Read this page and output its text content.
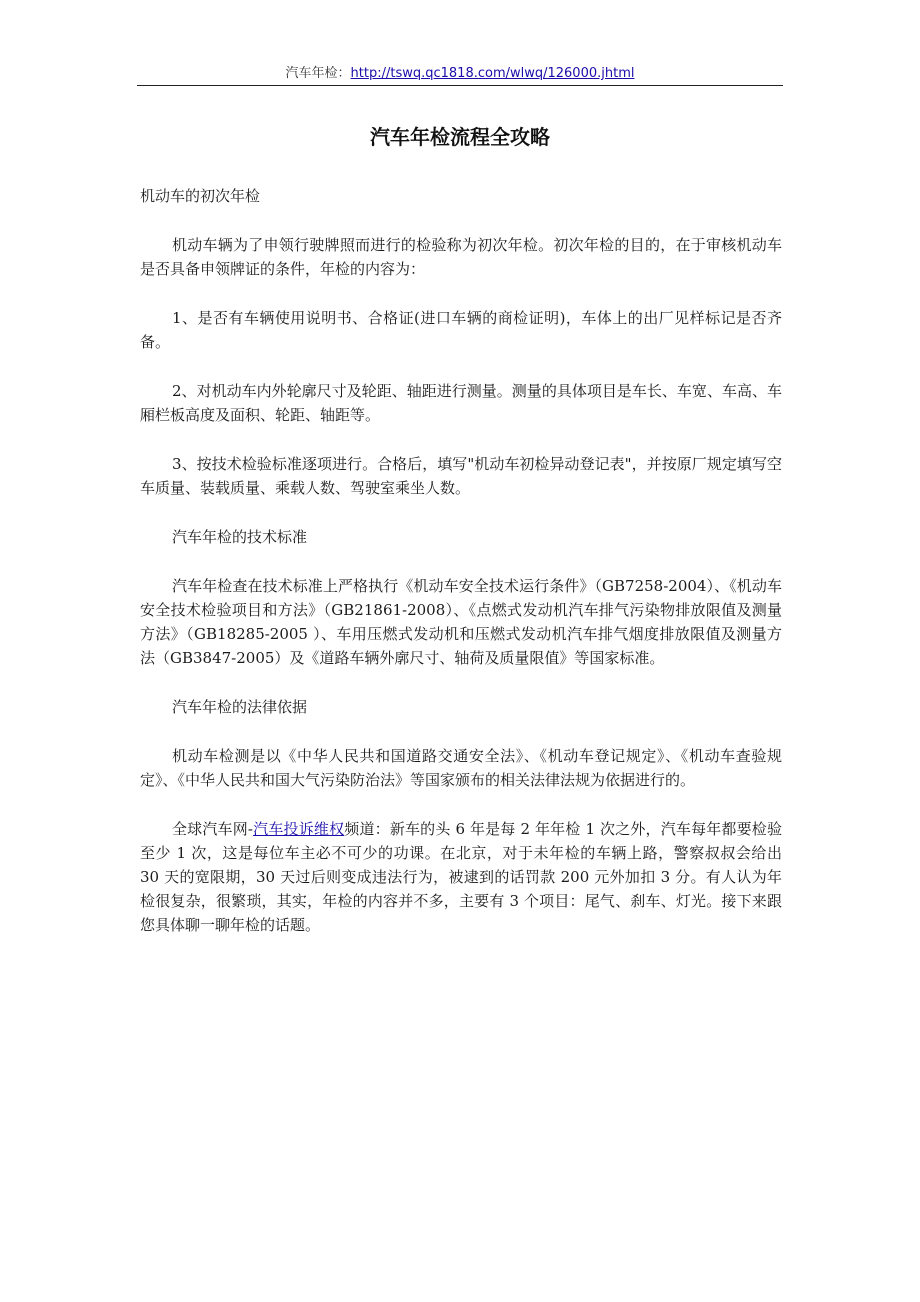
汽车年检：http://tswq.qc1818.com/wlwq/126000.jhtml
汽车年检流程全攻略

机动车的初次年检

机动车辆为了申领行驶牌照而进行的检验称为初次年检。初次年检的目的，在于审核机动车是否具备申领牌证的条件，年检的内容为：

1、是否有车辆使用说明书、合格证(进口车辆的商检证明)，车体上的出厂见样标记是否齐备。

2、对机动车内外轮廓尺寸及轮距、轴距进行测量。测量的具体项目是车长、车宽、车高、车厢栏板高度及面积、轮距、轴距等。

3、按技术检验标准逐项进行。合格后，填写"机动车初检异动登记表"，并按原厂规定填写空车质量、装载质量、乘载人数、驾驶室乘坐人数。

汽车年检的技术标准

汽车年检查在技术标准上严格执行《机动车安全技术运行条件》（GB7258-2004）、《机动车安全技术检验项目和方法》（GB21861-2008）、《点燃式发动机汽车排气污染物排放限值及测量方法》（GB18285-2005 ）、车用压燃式发动机和压燃式发动机汽车排气烟度排放限值及测量方法（GB3847-2005）及《道路车辆外廓尺寸、轴荷及质量限值》等国家标准。

汽车年检的法律依据

机动车检测是以《中华人民共和国道路交通安全法》、《机动车登记规定》、《机动车查验规定》、《中华人民共和国大气污染防治法》等国家颁布的相关法律法规为依据进行的。

全球汽车网-汽车投诉维权频道：新车的头 6 年是每 2 年年检 1 次之外，汽车每年都要检验至少 1 次，这是每位车主必不可少的功课。在北京，对于未年检的车辆上路，警察叔叔会给出 30 天的宽限期，30 天过后则变成违法行为，被逮到的话罚款 200 元外加扣 3 分。有人认为年检很复杂，很繁琐，其实，年检的内容并不多，主要有 3 个项目：尾气、刹车、灯光。接下来跟您具体聊一聊年检的话题。
